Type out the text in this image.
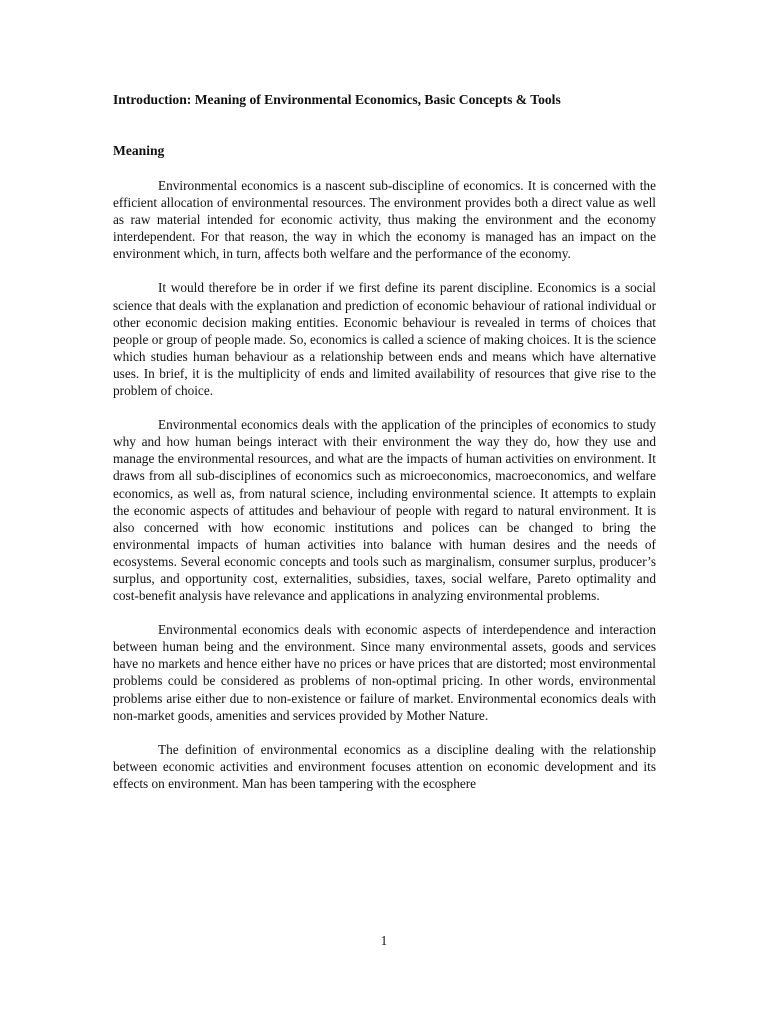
Introduction: Meaning of Environmental Economics, Basic Concepts & Tools
Meaning

Environmental economics is a nascent sub-discipline of economics. It is concerned with the efficient allocation of environmental resources. The environment provides both a direct value as well as raw material intended for economic activity, thus making the environment and the economy interdependent. For that reason, the way in which the economy is managed has an impact on the environment which, in turn, affects both welfare and the performance of the economy.

It would therefore be in order if we first define its parent discipline. Economics is a social science that deals with the explanation and prediction of economic behaviour of rational individual or other economic decision making entities. Economic behaviour is revealed in terms of choices that people or group of people made. So, economics is called a science of making choices. It is the science which studies human behaviour as a relationship between ends and means which have alternative uses. In brief, it is the multiplicity of ends and limited availability of resources that give rise to the problem of choice.

Environmental economics deals with the application of the principles of economics to study why and how human beings interact with their environment the way they do, how they use and manage the environmental resources, and what are the impacts of human activities on environment. It draws from all sub-disciplines of economics such as microeconomics, macroeconomics, and welfare economics, as well as, from natural science, including environmental science. It attempts to explain the economic aspects of attitudes and behaviour of people with regard to natural environment. It is also concerned with how economic institutions and polices can be changed to bring the environmental impacts of human activities into balance with human desires and the needs of ecosystems. Several economic concepts and tools such as marginalism, consumer surplus, producer’s surplus, and opportunity cost, externalities, subsidies, taxes, social welfare, Pareto optimality and cost-benefit analysis have relevance and applications in analyzing environmental problems.

Environmental economics deals with economic aspects of interdependence and interaction between human being and the environment. Since many environmental assets, goods and services have no markets and hence either have no prices or have prices that are distorted; most environmental problems could be considered as problems of non-optimal pricing. In other words, environmental problems arise either due to non-existence or failure of market. Environmental economics deals with non-market goods, amenities and services provided by Mother Nature.

The definition of environmental economics as a discipline dealing with the relationship between economic activities and environment focuses attention on economic development and its effects on environment. Man has been tampering with the ecosphere

1
